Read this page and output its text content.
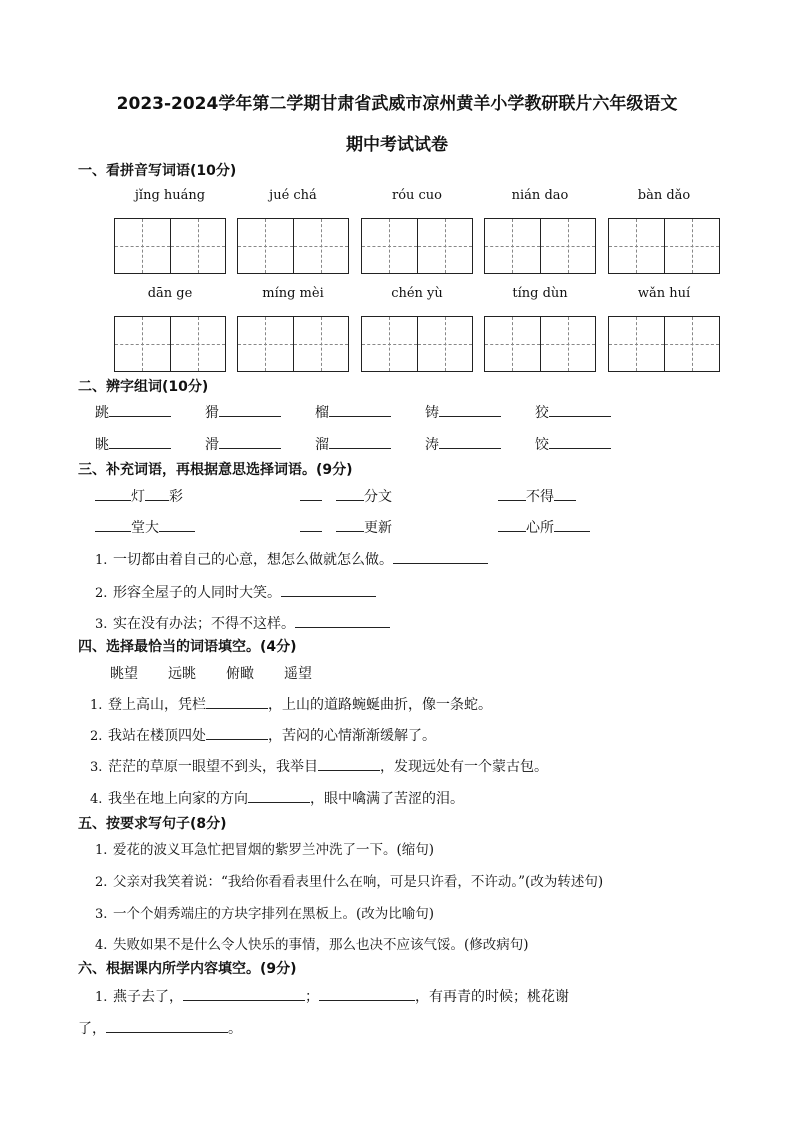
2023-2024学年第二学期甘肃省武威市凉州黄羊小学教研联片六年级语文
期中考试试卷
一、看拼音写词语(10分)
jǐng huáng	jué chá	róu cuo	nián dao	bàn dǎo
dān ge	míng mèi	chén yù	tíng dùn	wǎn huí
二、辨字组词(10分)
跳	猾	榴	铸	狡
眺	滑	溜	涛	饺
三、补充词语，再根据意思选择词语。(9分)
灯 彩	分文	不得
堂大	更新	心所
1. 一切都由着自己的心意，想怎么做就怎么做。
2. 形容全屋子的人同时大笑。
3. 实在没有办法；不得不这样。
四、选择最恰当的词语填空。(4分)
眺望 远眺 俯瞰 遥望
1. 登上高山，凭栏	，上山的道路蜿蜒曲折，像一条蛇。
2. 我站在楼顶四处	，苦闷的心情渐渐缓解了。
3. 茫茫的草原一眼望不到头，我举目	，发现远处有一个蒙古包。
4. 我坐在地上向家的方向	，眼中噙满了苦涩的泪。
五、按要求写句子(8分)
1. 爱花的波义耳急忙把冒烟的紫罗兰冲洗了一下。(缩句)
2. 父亲对我笑着说：“我给你看看表里什么在响，可是只许看，不许动。”(改为转述句)
3. 一个个娟秀端庄的方块字排列在黑板上。(改为比喻句)
4. 失败如果不是什么令人快乐的事情，那么也决不应该气馁。(修改病句)
六、根据课内所学内容填空。(9分)
1. 燕子去了，	；	，有再青的时候；桃花谢
了，	。
